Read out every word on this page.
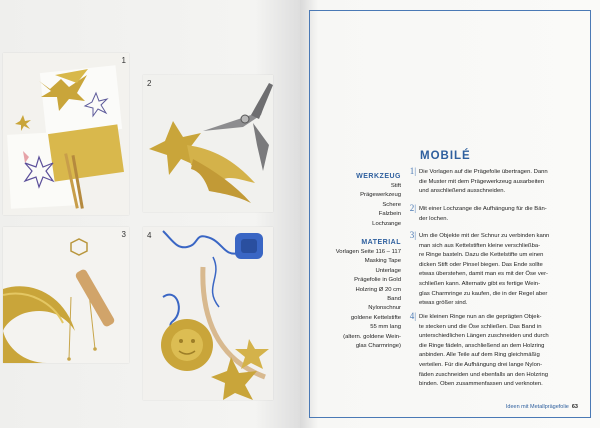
1
2
3	4
MOBILÉ
WERKZEUG
Stift
Prägewerkzeug
Schere
Falzbein
Lochzange
MATERIAL
Vorlagen Seite 116 – 117
Masking Tape
Unterlage
Prägefolie in Gold
Holzring Ø 20 cm
Band
Nylonschnur
goldene Kettelstifte
55 mm lang
(altern. goldene Wein-
glas Charmringe)
1| Die Vorlagen auf die Prägefolie übertragen. Dann
die Muster mit dem Prägewerkzeug ausarbeiten
und anschließend ausschneiden.
2| Mit einer Lochzange die Aufhängung für die Bän-
der lochen.
3| Um die Objekte mit der Schnur zu verbinden kann
man sich aus Kettelstiften kleine verschließba-
re Ringe basteln. Dazu die Kettelstifte um einen
dicken Stift oder Pinsel biegen. Das Ende sollte
etwas überstehen, damit man es mit der Öse ver-
schließen kann. Alternativ gibt es fertige Wein-
glas Charmringe zu kaufen, die in der Regel aber
etwas größer sind.
4| Die kleinen Ringe nun an die geprägten Objek-
te stecken und die Öse schließen. Das Band in
unterschiedlichen Längen zuschneiden und durch
die Ringe fädeln, anschließend an dem Holzring
anbinden. Alle Teile auf dem Ring gleichmäßig
verteilen. Für die Aufhängung drei lange Nylon-
fäden zuschneiden und ebenfalls an den Holzring
binden. Oben zusammenfassen und verknoten.
Ideen mit Metallprägefolie 63
